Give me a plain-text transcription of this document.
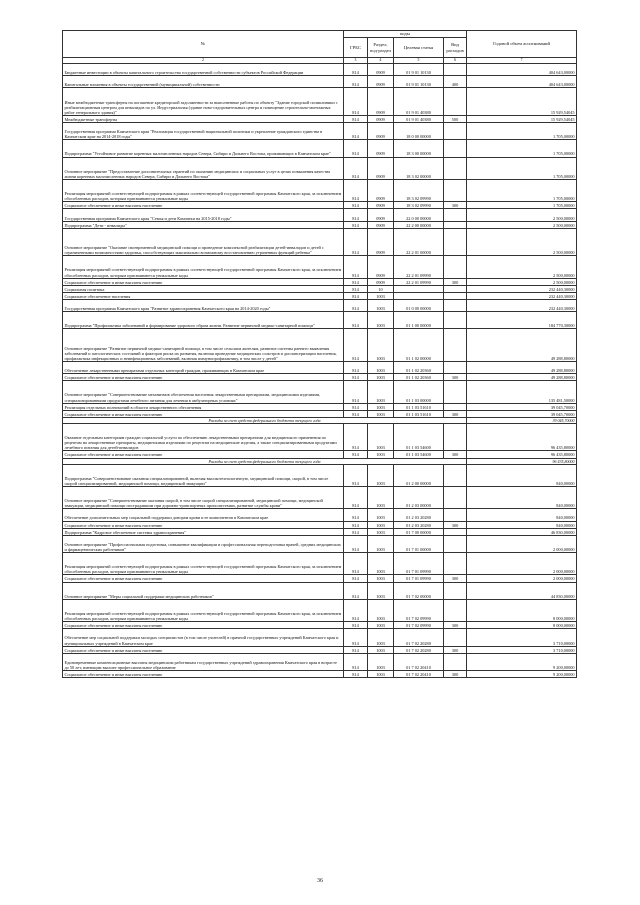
№	коды				Годовой объем ассигнований
	ГРБС	Раздел, под-раздел	Целевая статья	Вид расходов	
2	3	4	5	6	7
Бюджетные инвестиции в объекты капитального строительства государственной собственности субъектов Российской Федерации	814	0909	01 9 01 10130		404 643,00000
Капитальные вложения в объекты государственной (муниципальной) собственности	814	0909	01 9 01 10130	400	404 643,00000
Иные межбюджетные трансферты на погашение кредиторской задолженности за выполненные работы по объекту "Здание городской поликлиники с реабилитационным центром для инвалидов по ул. Индустриальная (здание ново-оздоровительных центра и помещение строительно-монтажных работ генерального здания)"	814	0909	01 9 01 40380		15 929,54045
Межбюджетные трансферты	814	0909	01 9 01 40380	500	15 929,54045
Государственная программа Камчатского края "Реализация государственной национальной политики и укрепление гражданского единства в Камчатском крае на 2014-2018 годы"	814	0909	18 0 00 00000		1 705,00000
Подпрограмма "Устойчивое развитие коренных малочисленных народов Севера, Сибири и Дальнего Востока, проживающих в Камчатском крае"	814	0909	18 3 00 00000		1 705,00000
Основное мероприятие "Предоставление дополнительных гарантий по оказанию медицинских и социальных услуг в целях повышения качества жизни коренных малочисленных народов Севера, Сибири и Дальнего Востока"	814	0909	18 3 02 00000		1 705,00000
Реализация мероприятий соответствующей подпрограммы в рамках соответствующей государственной программы Камчатского края, за исключением обособленных расходов, которым присваиваются уникальные коды	814	0909	18 3 02 09990		1 705,00000
Социальное обеспечение и иные выплаты населению	814	0909	18 3 02 09990	300	1 705,00000
Государственная программа Камчатского края "Семья и дети Камчатки на 2015-2018 годы"	814	0909	22 0 00 00000		2 500,00000
Подпрограмма "Дети - инвалиды"	814	0909	22 2 00 00000		2 500,00000
Основное мероприятие "Оказание своевременной медицинской помощи и проведение комплексной реабилитации детей-инвалидов и детей с ограниченными возможностями здоровья, способствующих максимально возможному восстановлению утраченных функций ребенка"	814	0909	22 2 01 00000		2 500,00000
Реализация мероприятий соответствующей подпрограммы в рамках соответствующей государственной программы Камчатского края, за исключением обособленных расходов, которым присваиваются уникальные коды	814	0909	22 2 01 09990		2 500,00000
Социальное обеспечение и иные выплаты населению	814	0909	22 2 01 09990	300	2 500,00000
Социальная политика	814	10			232 440,30000
Социальное обеспечение населения	814	1003			232 440,30000
Государственная программа Камчатского края "Развитие здравоохранения Камчатского края на 2014-2020 годы"	814	1003	01 0 00 00000		232 440,30000
Подпрограмма "Профилактика заболеваний и формирование здорового образа жизни. Развитие первичной медико-санитарной помощи"	814	1003	01 1 00 00000		184 770,30000
Основное мероприятие "Развитие первичной медико-санитарной помощи, в том числе сельским жителям, развитие системы раннего выявления заболеваний и патологических состояний и факторов риска их развития, включая проведение медицинских осмотров и диспансеризации населения, профилактика инфекционных и неинфекционных заболеваний, включая иммунопрофилактику, в том числе у детей"	814	1003	01 1 02 00000		49 288,80000
Обеспечение лекарственными препаратами отдельных категорий граждан, проживающих в Камчатском крае	814	1003	01 1 02 20360		49 288,80000
Социальное обеспечение и иные выплаты населению	814	1003	01 1 02 20360	300	49 288,80000
Основное мероприятие "Совершенствование механизмов обеспечения населения лекарственными препаратами, медицинскими изделиями, специализированными продуктами лечебного питания для лечения в амбулаторных условиях"	814	1003	01 1 03 00000		135 481,50000
Реализация отдельных полномочий в области лекарственного обеспечения	814	1003	01 1 03 51610		39 045,70000
Социальное обеспечение и иные выплаты населению	814	1003	01 1 03 51610	300	39 045,70000
Расходы за счет средств федерального бюджета текущего года					39 045,70000
Оказание отдельным категориям граждан социальной услуги по обеспечению лекарственными препаратами для медицинского применения по рецептам на лекарственные препараты, медицинскими изделиями по рецептам на медицинские изделия, а также специализированными продуктами лечебного питания для детей-инвалидов	814	1003	01 1 03 54600		96 435,80000
Социальное обеспечение и иные выплаты населению	814	1003	01 1 03 54600	300	96 435,80000
Расходы за счет средств федерального бюджета текущего года					96 435,80000
Подпрограмма "Совершенствование оказания специализированной, включая высокотехнологичную, медицинской помощи, скорой, в том числе скорой специализированной, медицинской помощи, медицинской эвакуации"	814	1003	01 2 00 00000		840,00000
Основное мероприятие "Совершенствование оказания скорой, в том числе скорой специализированной, медицинской помощи, медицинской эвакуации, медицинской помощи пострадавшим при дорожно-транспортных происшествиях, развитие службы крови"	814	1003	01 2 03 00000		840,00000
Обеспечение дополнительных мер социальной поддержки донорам крови и ее компонентов в Камчатском крае	814	1003	01 2 03 20280		840,00000
Социальное обеспечение и иные выплаты населению	814	1003	01 2 03 20280	300	840,00000
Подпрограмма "Кадровое обеспечение системы здравоохранения"	814	1003	01 7 00 00000		46 830,00000
Основное мероприятие "Профессиональная подготовка, повышение квалификации и профессиональная переподготовка врачей, средних медицинских и фармацевтических работников"	814	1003	01 7 01 00000		2 000,00000
Реализация мероприятий соответствующей подпрограммы в рамках соответствующей государственной программы Камчатского края, за исключением обособленных расходов, которым присваиваются уникальные коды	814	1003	01 7 01 09990		2 000,00000
Социальное обеспечение и иные выплаты населению	814	1003	01 7 01 09990	300	2 000,00000
Основное мероприятие "Меры социальной поддержки медицинских работников"	814	1003	01 7 02 00000		44 830,00000
Реализация мероприятий соответствующей подпрограммы в рамках соответствующей государственной программы Камчатского края, за исключением обособленных расходов, которым присваиваются уникальные коды	814	1003	01 7 02 09990		8 000,00000
Социальное обеспечение и иные выплаты населению	814	1003	01 7 02 09990	300	8 000,00000
Обеспечение мер социальной поддержки молодых специалистов (в том числе учителей) в причной государственных учреждений Камчатского края и муниципальных учреждений в Камчатском крае	814	1003	01 7 02 20280		3 710,00000
Социальное обеспечение и иные выплаты населению	814	1003	01 7 02 20280	300	3 710,00000
Единовременные компенсационные выплаты медицинским работникам государственных учреждений здравоохранения Камчатского края в возрасте до 50 лет, имеющим высшее профессиональное образование	814	1003	01 7 02 20410		9 200,00000
Социальное обеспечение и иные выплаты населению	814	1003	01 7 02 20410	300	9 200,00000
36
